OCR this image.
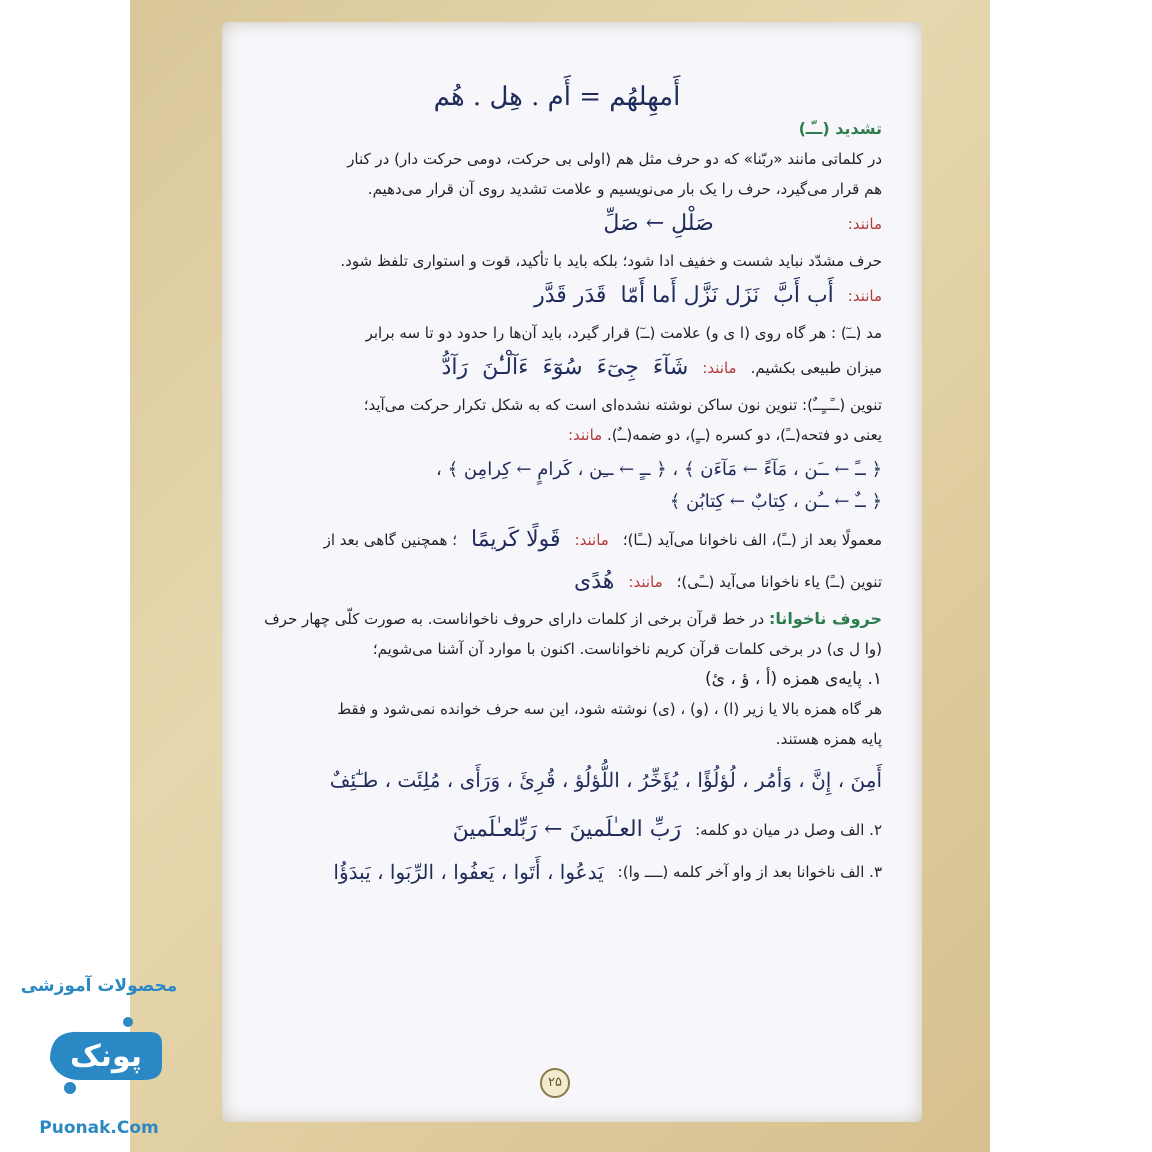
أَمهِلهُم = أَم . هِل . هُم
تشدید (ــّـ)
در کلماتی مانند «ربّنا» که دو حرف مثل هم (اولی بی حرکت، دومی حرکت دار) در کنار
هم قرار می‌گیرد، حرف را یک بار می‌نویسیم و علامت تشدید روی آن قرار می‌دهیم.
مانند:
صَلْلِ ← صَلِّ
حرف مشدّد نباید شست و خفیف ادا شود؛ بلکه باید با تأکید، قوت و استواری تلفظ شود.
مانند:
أَب أَبَّ
نَزَل نَزَّل أَما أَمّا
قَدَر قَدَّر
مد (ــٓ) : هر گاه روی (ا ی و) علامت (ــٓ) قرار گیرد، باید آن‌ها را حدود دو تا سه برابر
میزان طبیعی بکشیم.
مانند:
شَآءَ
جِیٓءَ
سُوٓءَ
ءَآلْـٰٔنَ
رَآدُّ
تنوین (ــًــٍــٌ): تنوین نون ساکن نوشته نشده‌ای است که به شکل تکرار حرکت می‌آید؛
یعنی دو فتحه(ــً)، دو کسره (ــٍ)، دو ضمه(ــٌ). مانند:
﴿ ــً ← ــَن ، مَآءً ← مَآءَن ﴾ ، ﴿ ــٍ ← ــِن ، کَرامٍ ← کِرامِن ﴾ ،
﴿ ــٌ ← ــُن ، کِتابٌ ← کِتابُن ﴾
معمولًا بعد از (ــً)، الف ناخوانا می‌آید (ــًا)؛
مانند:
قَولًا کَریمًا
؛ همچنین گاهی بعد از
تنوین (ــً) یاء ناخوانا می‌آید (ــًی)؛
مانند:
هُدًی
حروف ناخوانا: در خط قرآن برخی از کلمات دارای حروف ناخواناست. به صورت کلّی چهار حرف
(وا ل ی) در برخی کلمات قرآن کریم ناخواناست. اکنون با موارد آن آشنا می‌شویم؛
۱. پایه‌ی همزه (أ ، ؤ ، ئ)
هر گاه همزه بالا یا زیر (ا) ، (و) ، (ی) نوشته شود، این سه حرف خوانده نمی‌شود و فقط
پایه همزه هستند.
أَمِنَ ، إِنَّ ، وَأمُر ، لُؤلُؤًا ، یُؤَخِّرُ ، اللُّؤلُؤ ، قُرِئَ ، وَرَأَی ، مُلِئَت ، طـٰٓئِفٌ
۲. الف وصل در میان دو کلمه:
رَبِّ العـٰلَمینَ ← رَبِّلعـٰلَمینَ
۳. الف ناخوانا بعد از واو آخر کلمه (ــــ وا):
یَدعُوا ، أَتَوا ، یَعفُوا ، الرِّبَوا ، یَبدَؤُا
۲۵
محصولات آموزشی
پونک
Puonak.Com
